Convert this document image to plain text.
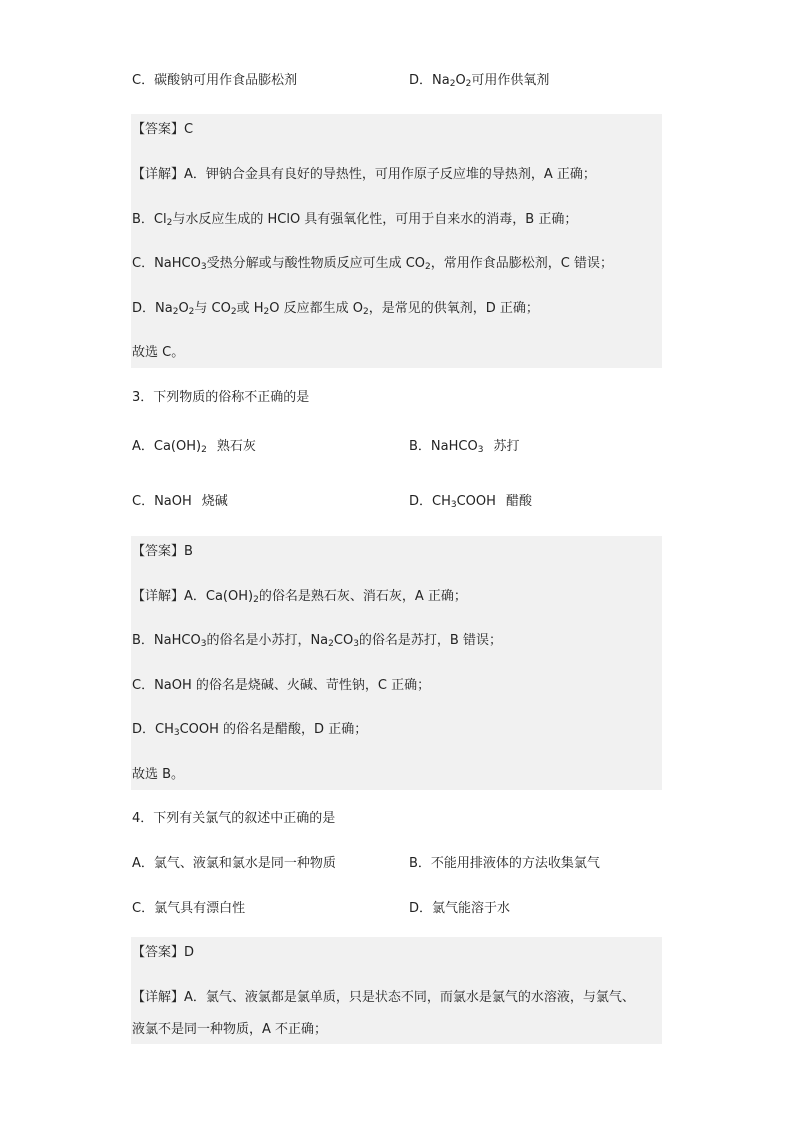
C．碳酸钠可用作食品膨松剂	D．$Na_2O_2$可用作供氧剂
【答案】C
【详解】A．钾钠合金具有良好的导热性，可用作原子反应堆的导热剂，A 正确；
B．$Cl_2$与水反应生成的 HClO 具有强氧化性，可用于自来水的消毒，B 正确；
C．NaHCO$_3$受热分解或与酸性物质反应可生成 $CO_2$，常用作食品膨松剂，C 错误；
D．$Na_2O_2$与 $CO_2$或 $H_2O$ 反应都生成 $O_2$，是常见的供氧剂，D 正确；
故选 C。
3．下列物质的俗称不正确的是
A．$Ca(OH)_2$ 熟石灰	B．NaHCO$_3$ 苏打
C．NaOH 烧碱	D．$CH_3COOH$ 醋酸
【答案】B
【详解】A．$Ca(OH)_2$的俗名是熟石灰、消石灰，A 正确；
B．NaHCO$_3$的俗名是小苏打，$Na_2CO_3$的俗名是苏打，B 错误；
C．NaOH 的俗名是烧碱、火碱、苛性钠，C 正确；
D．$CH_3COOH$ 的俗名是醋酸，D 正确；
故选 B。
4．下列有关氯气的叙述中正确的是
A．氯气、液氯和氯水是同一种物质	B．不能用排液体的方法收集氯气
C．氯气具有漂白性	D．氯气能溶于水
【答案】D
【详解】A．氯气、液氯都是氯单质，只是状态不同，而氯水是氯气的水溶液，与氯气、
液氯不是同一种物质，A 不正确；
